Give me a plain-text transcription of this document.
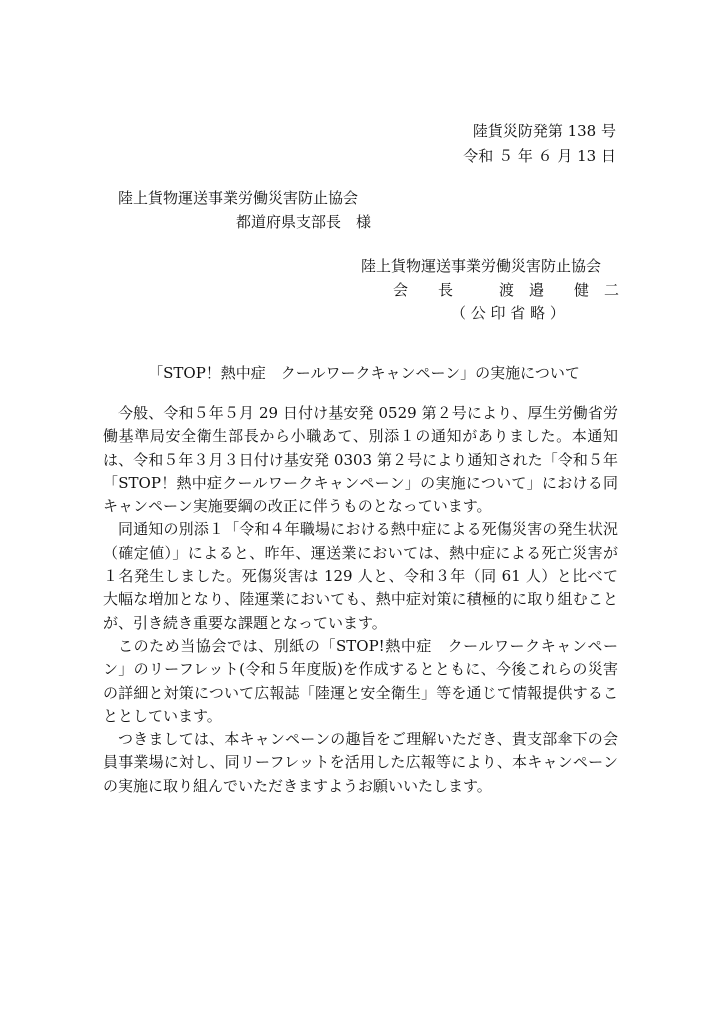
陸貨災防発第 138 号
令和 ５ 年 ６ 月 13 日
陸上貨物運送事業労働災害防止協会
都道府県支部長　様
陸上貨物運送事業労働災害防止協会
会　　長	渡　邉　　健　二
（ 公 印 省 略 ）
「STOP！熱中症　クールワークキャンペーン」の実施について

今般、令和５年５月 29 日付け基安発 0529 第２号により、厚生労働省労働基準局安全衛生部長から小職あて、別添１の通知がありました。本通知は、令和５年３月３日付け基安発 0303 第２号により通知された「令和５年「STOP！熱中症クールワークキャンペーン」の実施について」における同キャンペーン実施要綱の改正に伴うものとなっています。

同通知の別添１「令和４年職場における熱中症による死傷災害の発生状況（確定値）」によると、昨年、運送業においては、熱中症による死亡災害が１名発生しました。死傷災害は 129 人と、令和３年（同 61 人）と比べて大幅な増加となり、陸運業においても、熱中症対策に積極的に取り組むことが、引き続き重要な課題となっています。

このため当協会では、別紙の「STOP!熱中症　クールワークキャンペーン」のリーフレット(令和５年度版)を作成するとともに、今後これらの災害の詳細と対策について広報誌「陸運と安全衛生」等を通じて情報提供することとしています。

つきましては、本キャンペーンの趣旨をご理解いただき、貴支部傘下の会員事業場に対し、同リーフレットを活用した広報等により、本キャンペーンの実施に取り組んでいただきますようお願いいたします。
